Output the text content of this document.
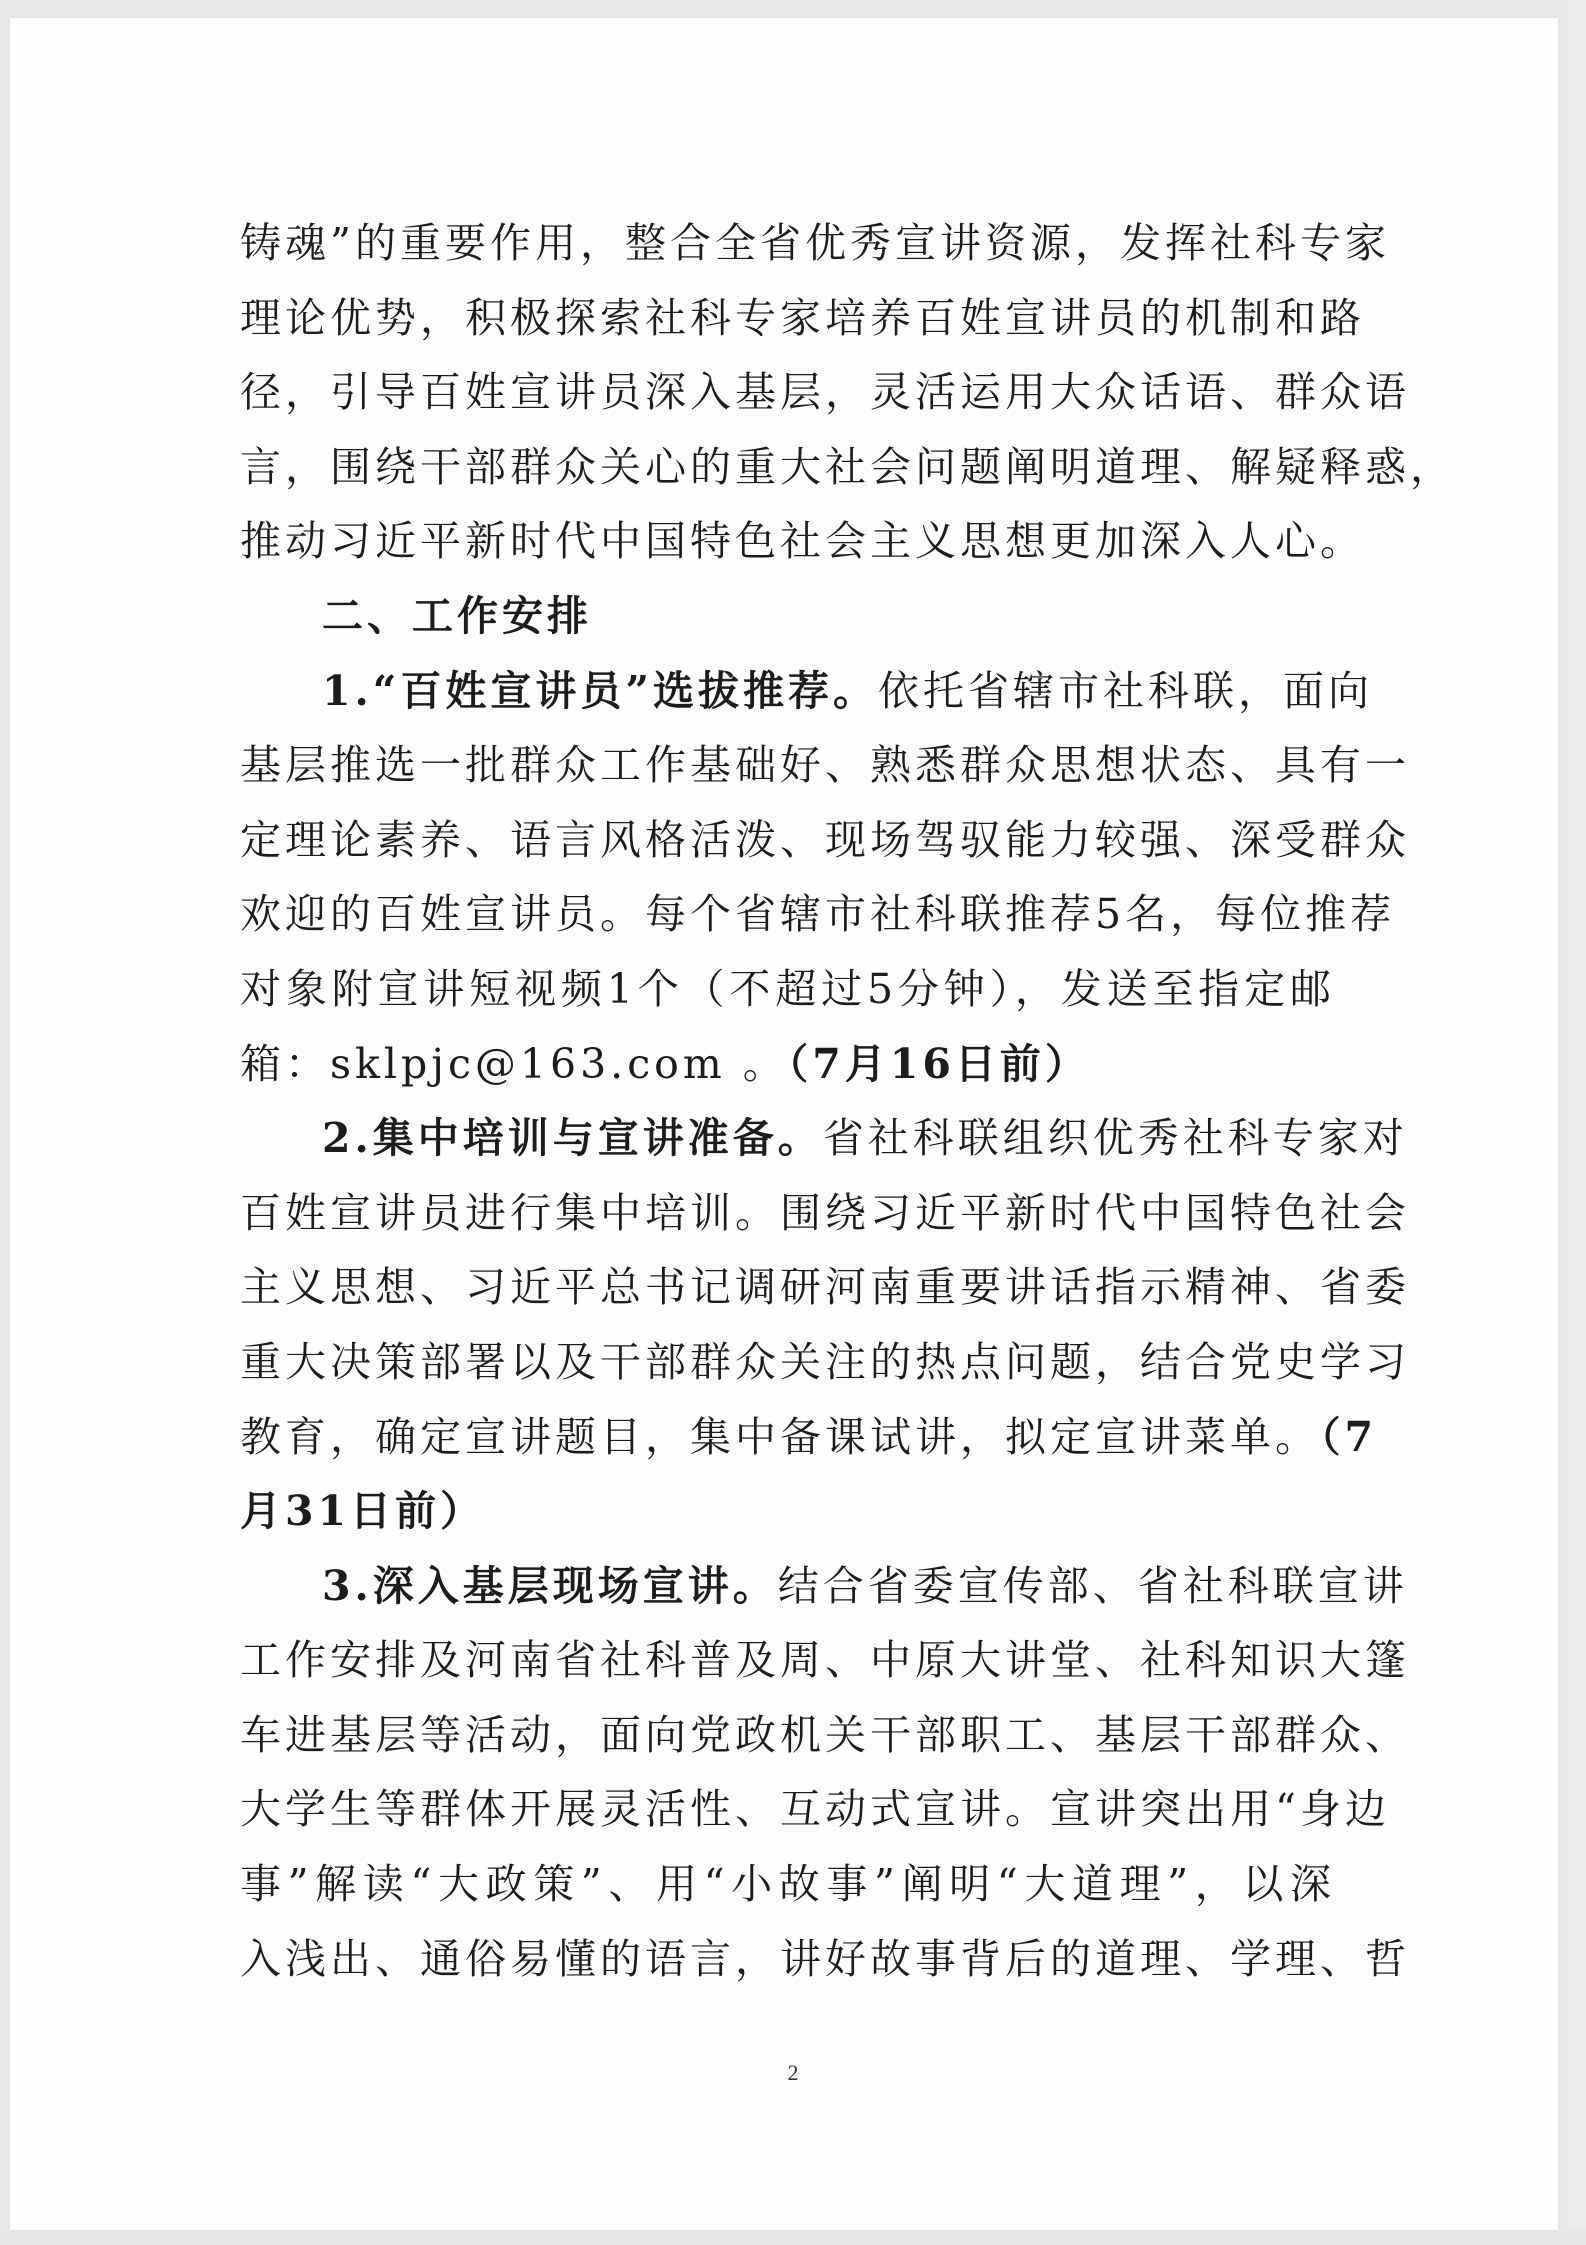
铸魂”的重要作用，整合全省优秀宣讲资源，发挥社科专家
理论优势，积极探索社科专家培养百姓宣讲员的机制和路
径，引导百姓宣讲员深入基层，灵活运用大众话语、群众语
言，围绕干部群众关心的重大社会问题阐明道理、解疑释惑，
推动习近平新时代中国特色社会主义思想更加深入人心。
二、工作安排
1.“百姓宣讲员”选拔推荐。依托省辖市社科联，面向
基层推选一批群众工作基础好、熟悉群众思想状态、具有一
定理论素养、语言风格活泼、现场驾驭能力较强、深受群众
欢迎的百姓宣讲员。每个省辖市社科联推荐5名，每位推荐
对象附宣讲短视频1个（不超过5分钟），发送至指定邮
箱：sklpjc@163.com 。（7月16日前）
2.集中培训与宣讲准备。省社科联组织优秀社科专家对
百姓宣讲员进行集中培训。围绕习近平新时代中国特色社会
主义思想、习近平总书记调研河南重要讲话指示精神、省委
重大决策部署以及干部群众关注的热点问题，结合党史学习
教育，确定宣讲题目，集中备课试讲，拟定宣讲菜单。（7
月31日前）
3.深入基层现场宣讲。结合省委宣传部、省社科联宣讲
工作安排及河南省社科普及周、中原大讲堂、社科知识大篷
车进基层等活动，面向党政机关干部职工、基层干部群众、
大学生等群体开展灵活性、互动式宣讲。宣讲突出用“身边
事”解读“大政策”、用“小故事”阐明“大道理”，以深
入浅出、通俗易懂的语言，讲好故事背后的道理、学理、哲
2
